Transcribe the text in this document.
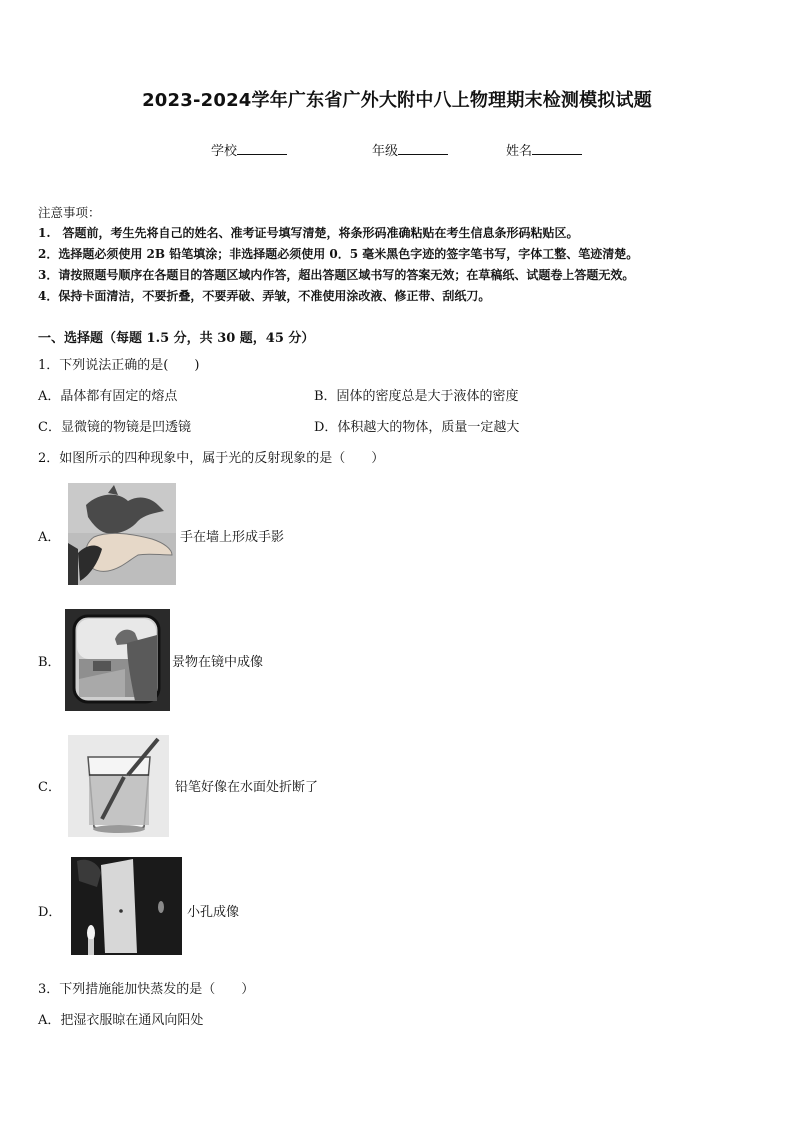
2023-2024学年广东省广外大附中八上物理期末检测模拟试题
学校	年级	姓名
注意事项：
1.　答题前，考生先将自己的姓名、准考证号填写清楚，将条形码准确粘贴在考生信息条形码粘贴区。
2．选择题必须使用 2B 铅笔填涂；非选择题必须使用 0．5 毫米黑色字迹的签字笔书写，字体工整、笔迹清楚。
3．请按照题号顺序在各题目的答题区域内作答，超出答题区域书写的答案无效；在草稿纸、试题卷上答题无效。
4．保持卡面清洁，不要折叠，不要弄破、弄皱，不准使用涂改液、修正带、刮纸刀。
一、选择题（每题 1.5 分，共 30 题，45 分）
1．下列说法正确的是(　　)
A．晶体都有固定的熔点	B．固体的密度总是大于液体的密度
C．显微镜的物镜是凹透镜	D．体积越大的物体，质量一定越大
2．如图所示的四种现象中，属于光的反射现象的是（　　）
A．	手在墙上形成手影
B．	景物在镜中成像
C．	铅笔好像在水面处折断了
D．	小孔成像
3．下列措施能加快蒸发的是（　　）
A．把湿衣服晾在通风向阳处
